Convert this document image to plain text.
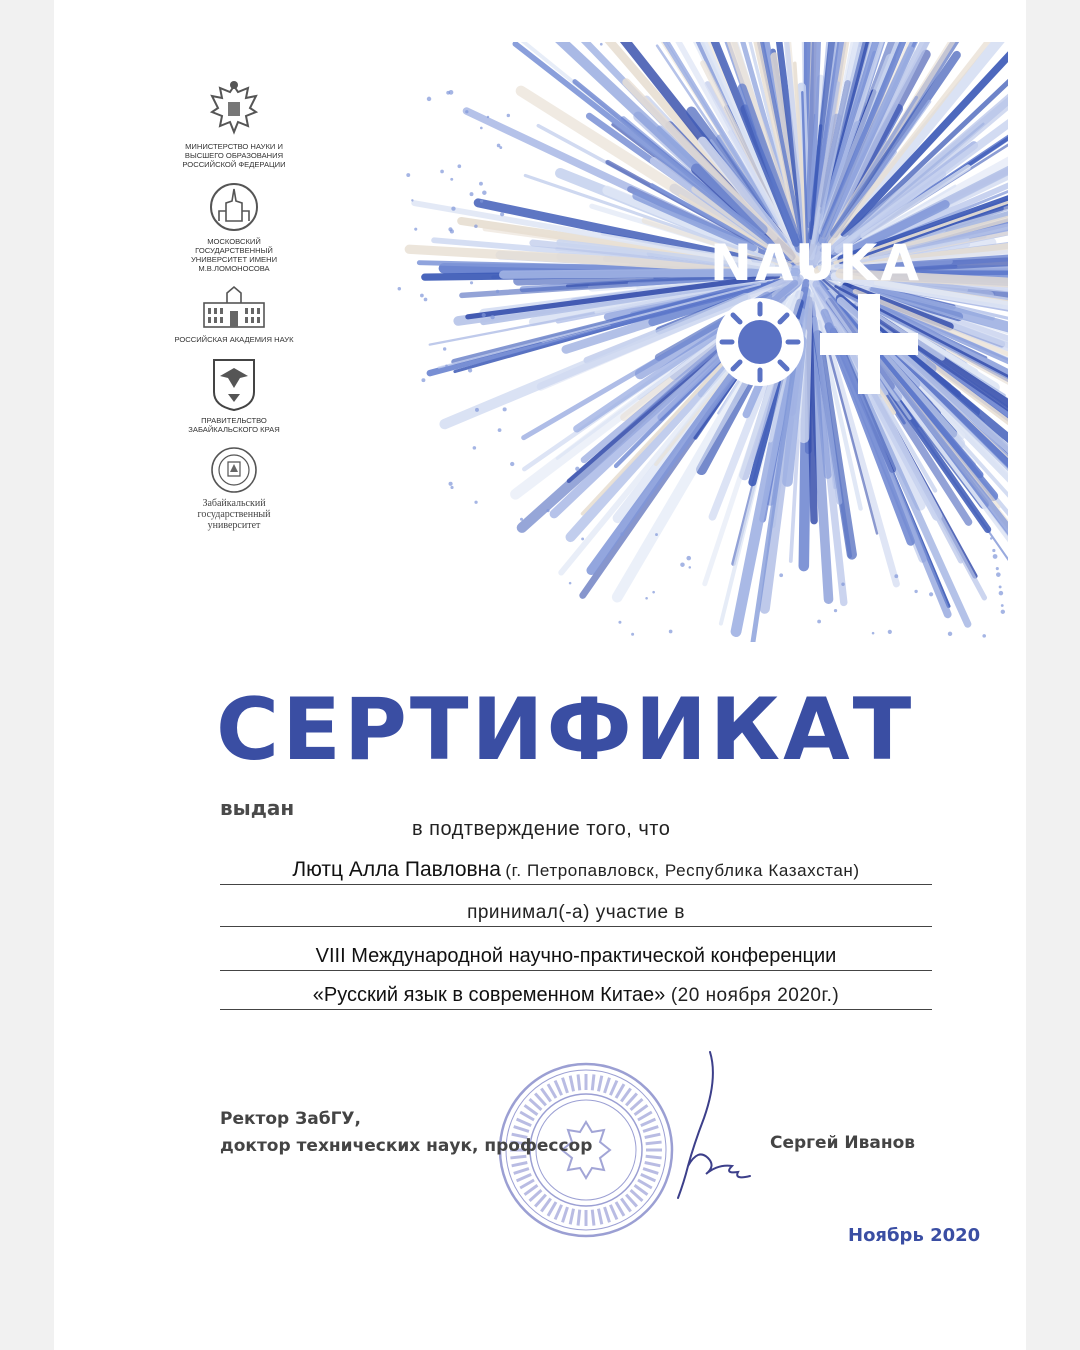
NAUKA
МИНИСТЕРСТВО НАУКИ И ВЫСШЕГО ОБРАЗОВАНИЯ РОССИЙСКОЙ ФЕДЕРАЦИИ
МОСКОВСКИЙ ГОСУДАРСТВЕННЫЙ УНИВЕРСИТЕТ ИМЕНИ М.В.ЛОМОНОСОВА
РОССИЙСКАЯ АКАДЕМИЯ НАУК
ПРАВИТЕЛЬСТВО ЗАБАЙКАЛЬСКОГО КРАЯ
Забайкальский государственный университет
СЕРТИФИКАТ
выдан
в подтверждение того, что
Лютц Алла Павловна (г. Петропавловск, Республика Казахстан)
принимал(-а) участие в
VIII Международной научно-практической конференции
«Русский язык в современном Китае» (20 ноября 2020г.)
Ректор ЗабГУ,
доктор технических наук, профессор	Сергей Иванов
Ноябрь 2020
